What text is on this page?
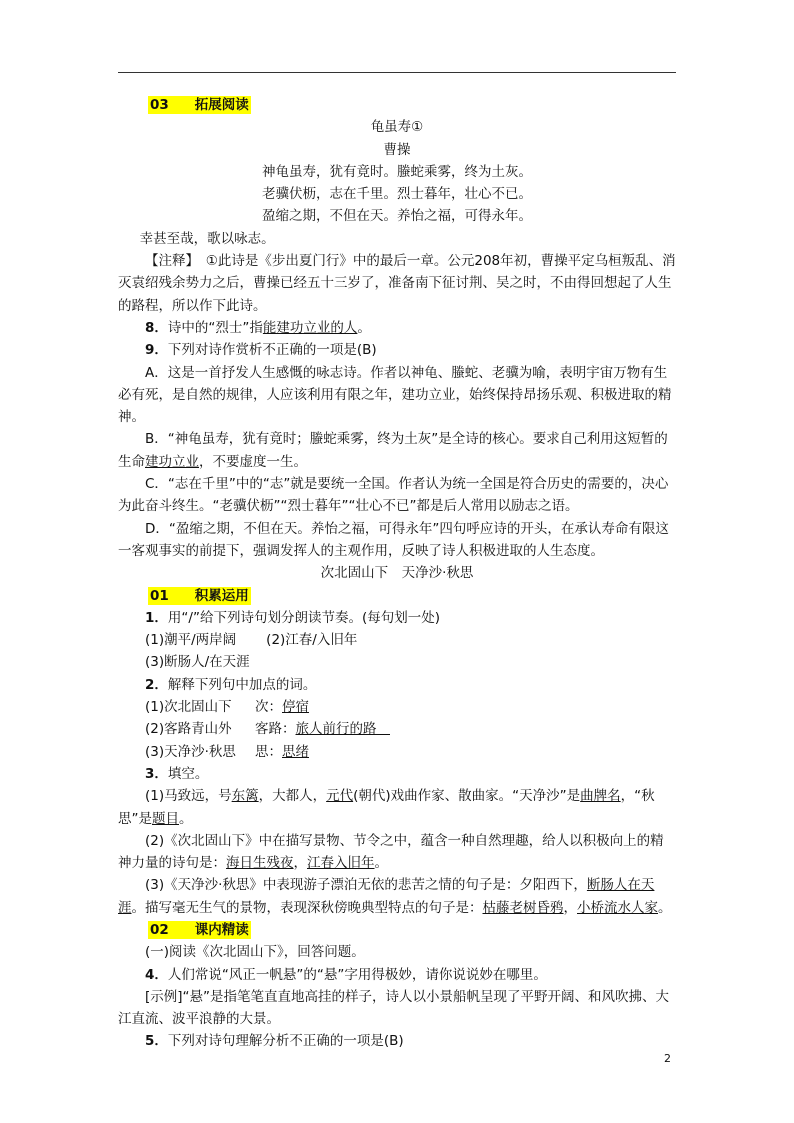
03 拓展阅读

龟虽寿①

曹操

神龟虽寿，犹有竟时。螣蛇乘雾，终为土灰。

老骥伏枥，志在千里。烈士暮年，壮心不已。

盈缩之期，不但在天。养怡之福，可得永年。

幸甚至哉，歌以咏志。

【注释】　①此诗是《步出夏门行》中的最后一章。公元208年初，曹操平定乌桓叛乱、消灭袁绍残余势力之后，曹操已经五十三岁了，准备南下征讨荆、吴之时，不由得回想起了人生的路程，所以作下此诗。

8．诗中的“烈士”指能建功立业的人。

9．下列对诗作赏析不正确的一项是(B)

A．这是一首抒发人生感慨的咏志诗。作者以神龟、螣蛇、老骥为喻，表明宇宙万物有生必有死，是自然的规律，人应该利用有限之年，建功立业，始终保持昂扬乐观、积极进取的精神。

B．“神龟虽寿，犹有竟时；螣蛇乘雾，终为土灰”是全诗的核心。要求自己利用这短暂的生命建功立业，不要虚度一生。

C．“志在千里”中的“志”就是要统一全国。作者认为统一全国是符合历史的需要的，决心为此奋斗终生。“老骥伏枥”“烈士暮年”“壮心不已”都是后人常用以励志之语。

D．“盈缩之期，不但在天。养怡之福，可得永年”四句呼应诗的开头，在承认寿命有限这一客观事实的前提下，强调发挥人的主观作用，反映了诗人积极进取的人生态度。

次北固山下　天净沙·秋思

01 积累运用

1．用“/”给下列诗句划分朗读节奏。(每句划一处)

(1)潮平/两岸阔 (2)江春/入旧年

(3)断肠人/在天涯

2．解释下列句中加点的词。

(1)次北固山下 次：停宿

(2)客路青山外 客路：旅人前行的路　

(3)天净沙·秋思 思：思绪

3．填空。

(1)马致远，号东篱，大都人，元代(朝代)戏曲作家、散曲家。“天净沙”是曲牌名，“秋思”是题目。

(2)《次北固山下》中在描写景物、节令之中，蕴含一种自然理趣，给人以积极向上的精神力量的诗句是：海日生残夜，江春入旧年。

(3)《天净沙·秋思》中表现游子漂泊无依的悲苦之情的句子是：夕阳西下，断肠人在天涯。描写毫无生气的景物，表现深秋傍晚典型特点的句子是：枯藤老树昏鸦，小桥流水人家。

02 课内精读

(一)阅读《次北固山下》，回答问题。

4．人们常说“风正一帆悬”的“悬”字用得极妙，请你说说妙在哪里。

[示例]“悬”是指笔笔直直地高挂的样子，诗人以小景船帆呈现了平野开阔、和风吹拂、大江直流、波平浪静的大景。

5．下列对诗句理解分析不正确的一项是(B)

2
